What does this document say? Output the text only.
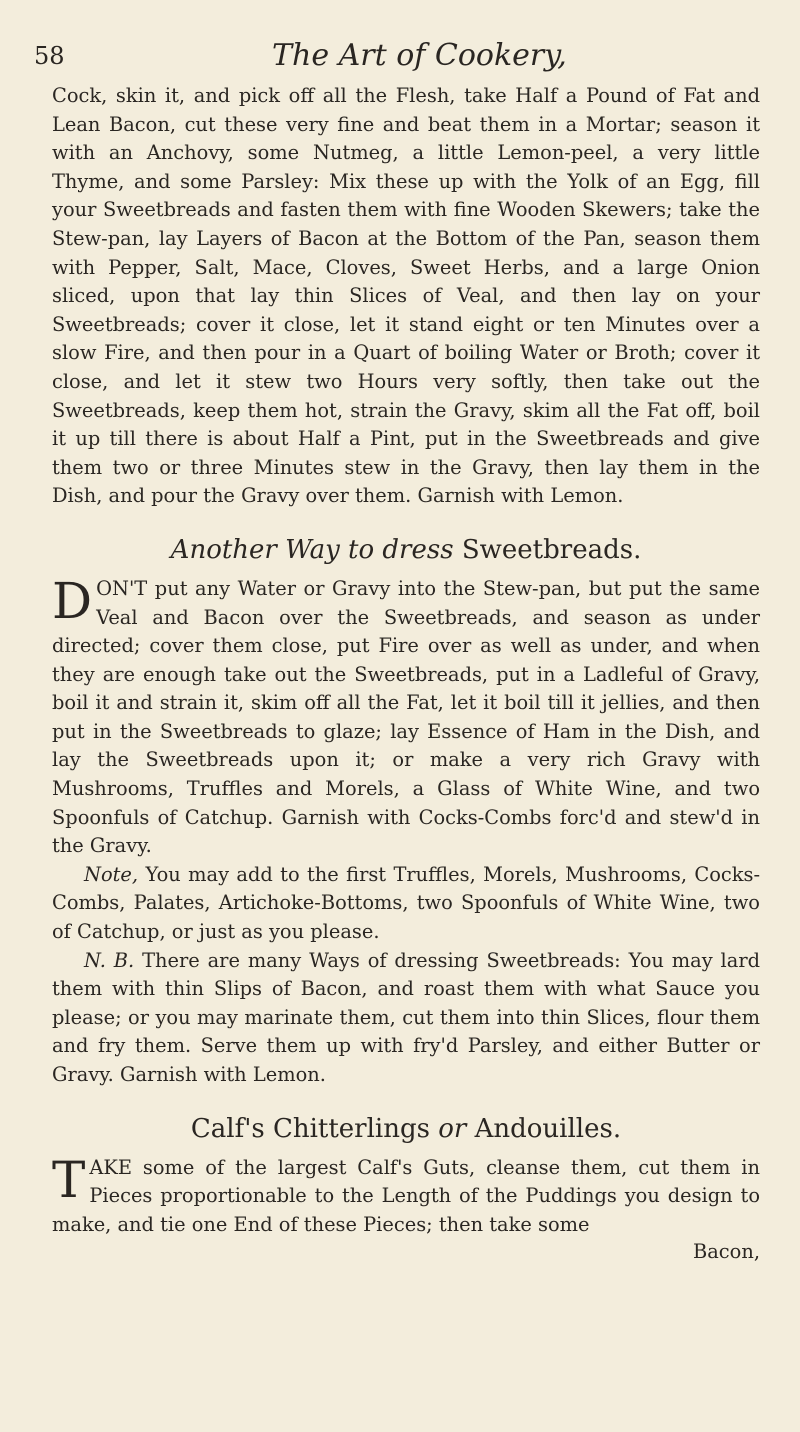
58	The Art of Cookery,

Cock, skin it, and pick off all the Flesh, take Half a Pound of Fat and Lean Bacon, cut these very fine and beat them in a Mortar; season it with an Anchovy, some Nutmeg, a little Lemon-peel, a very little Thyme, and some Parsley: Mix these up with the Yolk of an Egg, fill your Sweetbreads and fasten them with fine Wooden Skewers; take the Stew-pan, lay Layers of Bacon at the Bottom of the Pan, season them with Pepper, Salt, Mace, Cloves, Sweet Herbs, and a large Onion sliced, upon that lay thin Slices of Veal, and then lay on your Sweetbreads; cover it close, let it stand eight or ten Minutes over a slow Fire, and then pour in a Quart of boiling Water or Broth; cover it close, and let it stew two Hours very softly, then take out the Sweetbreads, keep them hot, strain the Gravy, skim all the Fat off, boil it up till there is about Half a Pint, put in the Sweetbreads and give them two or three Minutes stew in the Gravy, then lay them in the Dish, and pour the Gravy over them. Garnish with Lemon.

Another Way to dress Sweetbreads.

DON'T put any Water or Gravy into the Stew-pan, but put the same Veal and Bacon over the Sweetbreads, and season as under directed; cover them close, put Fire over as well as under, and when they are enough take out the Sweetbreads, put in a Ladleful of Gravy, boil it and strain it, skim off all the Fat, let it boil till it jellies, and then put in the Sweetbreads to glaze; lay Essence of Ham in the Dish, and lay the Sweetbreads upon it; or make a very rich Gravy with Mushrooms, Truffles and Morels, a Glass of White Wine, and two Spoonfuls of Catchup. Garnish with Cocks-Combs forc'd and stew'd in the Gravy.

Note, You may add to the first Truffles, Morels, Mushrooms, Cocks-Combs, Palates, Artichoke-Bottoms, two Spoonfuls of White Wine, two of Catchup, or just as you please.

N. B. There are many Ways of dressing Sweetbreads: You may lard them with thin Slips of Bacon, and roast them with what Sauce you please; or you may marinate them, cut them into thin Slices, flour them and fry them. Serve them up with fry'd Parsley, and either Butter or Gravy. Garnish with Lemon.

Calf's Chitterlings or Andouilles.

TAKE some of the largest Calf's Guts, cleanse them, cut them in Pieces proportionable to the Length of the Puddings you design to make, and tie one End of these Pieces; then take some

Bacon,
